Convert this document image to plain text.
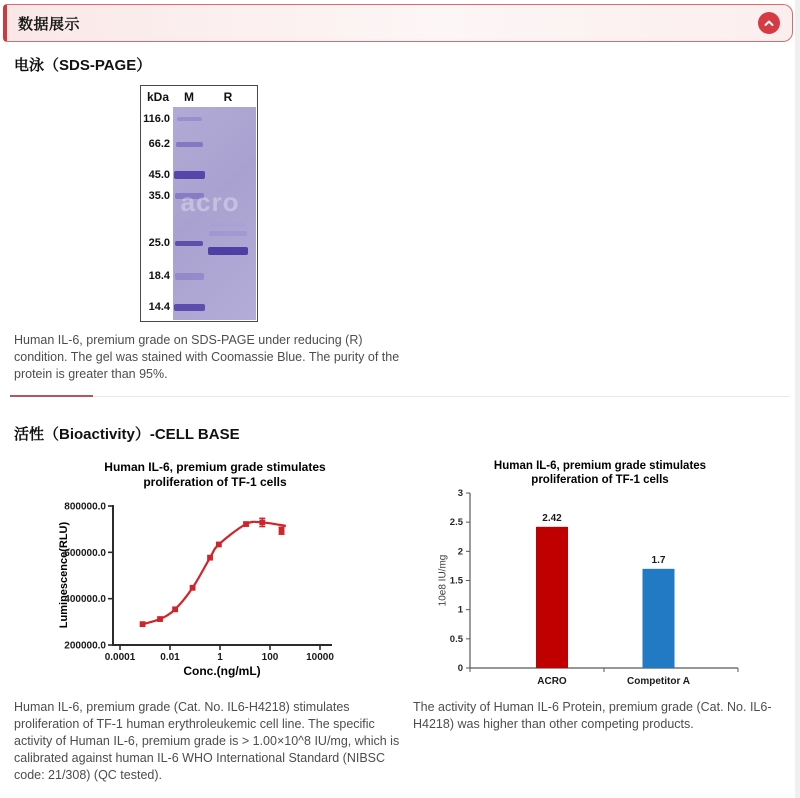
数据展示
电泳（SDS-PAGE）
kDa	M	R
116.0
66.2
45.0
35.0
25.0
18.4
14.4
acro
Human IL-6, premium grade on SDS-PAGE under reducing (R) condition. The gel was stained with Coomassie Blue. The purity of the protein is greater than 95%.
活性（Bioactivity）-CELL BASE
Human IL-6, premium grade stimulates
proliferation of TF-1 cells
Luminescence(RLU)
Conc.(ng/mL)
200000.0
400000.0
600000.0
800000.0
0.0001 0.01	1	100	10000
Human IL-6, premium grade stimulates
proliferation of TF-1 cells
10e8 IU/mg
0
0.5
1
1.5
2
2.5
3
2.42
ACRO
1.7
Competitor A
Human IL-6, premium grade (Cat. No. IL6-H4218) stimulates proliferation of TF-1 human erythroleukemic cell line. The specific activity of Human IL-6, premium grade is > 1.00×10^8 IU/mg, which is calibrated against human IL-6 WHO International Standard (NIBSC code: 21/308) (QC tested).
The activity of Human IL-6 Protein, premium grade (Cat. No. IL6-H4218) was higher than other competing products.
